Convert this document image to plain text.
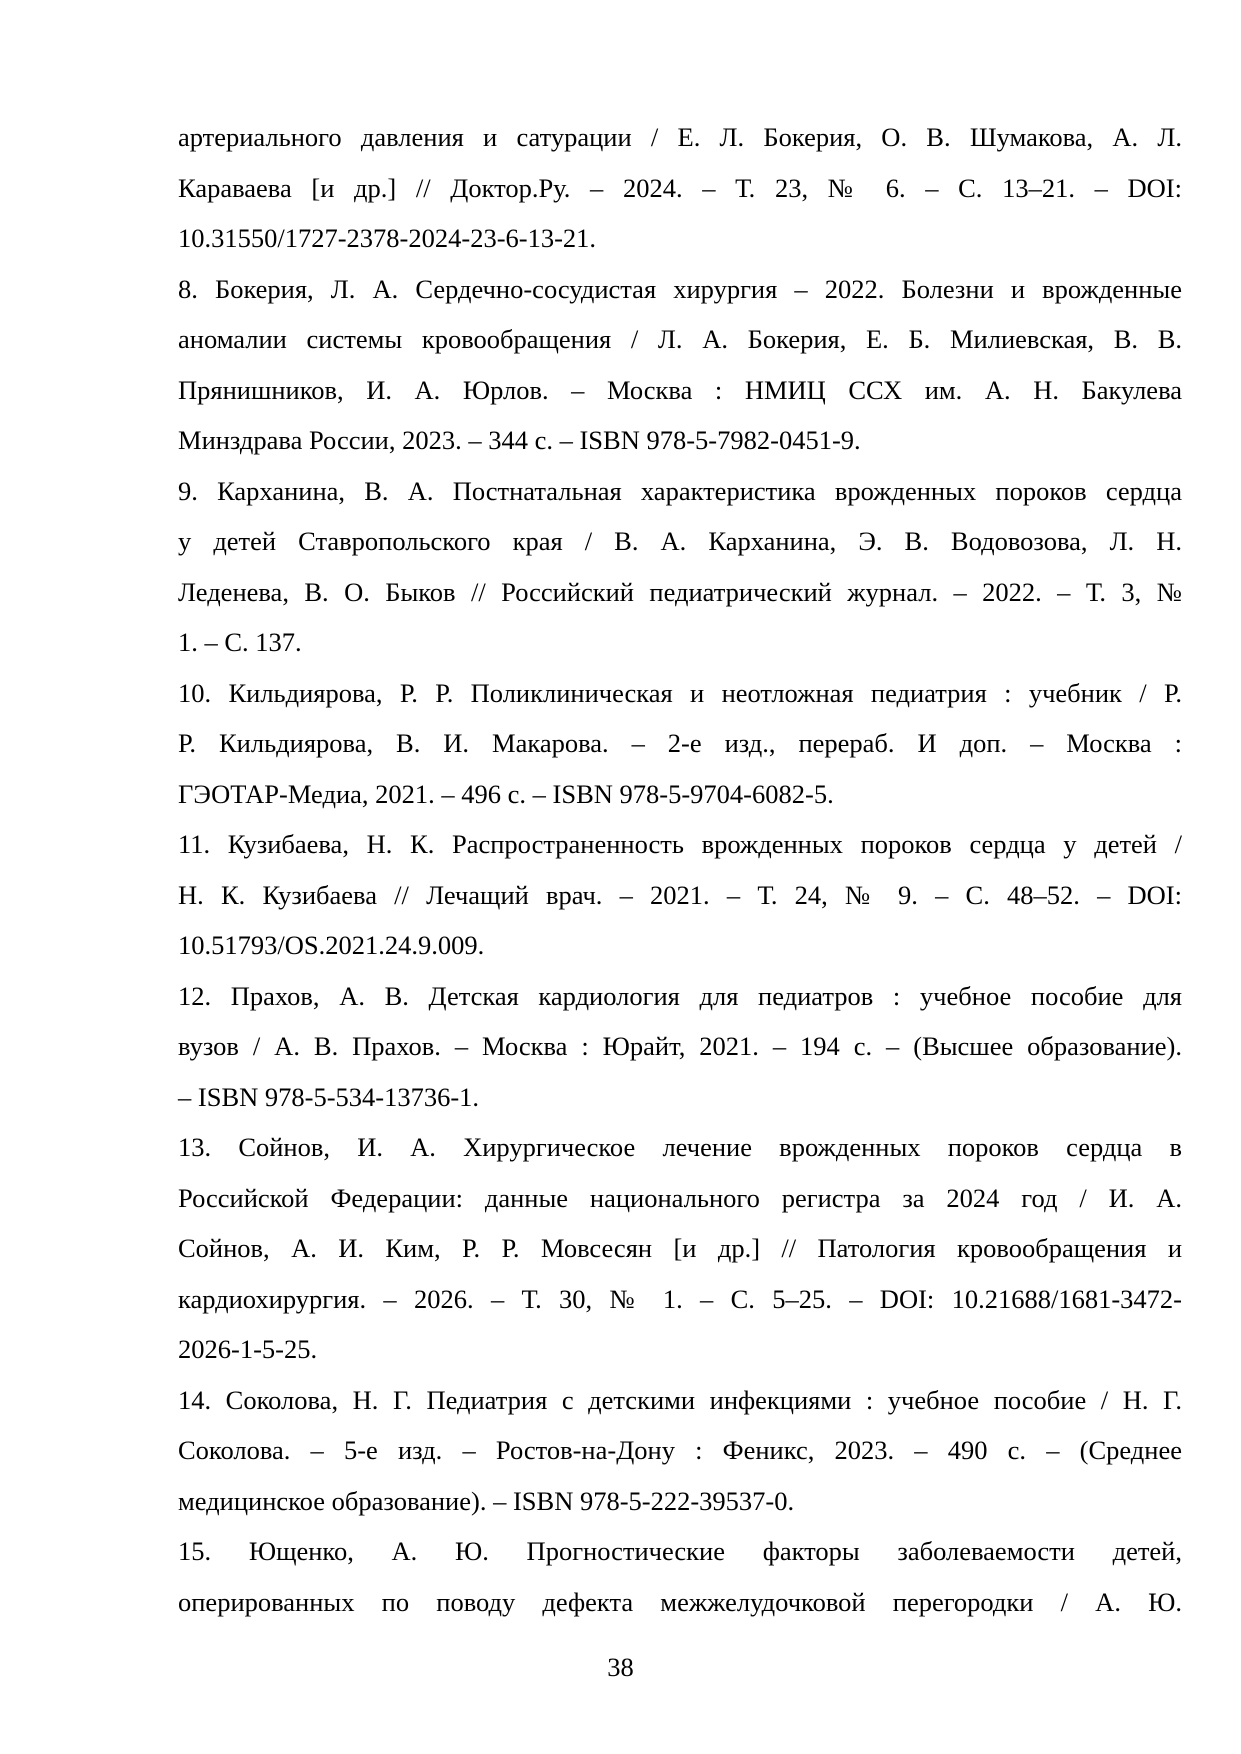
артериального давления и сатурации / Е. Л. Бокерия, О. В. Шумакова, А. Л.
Караваева [и др.] // Доктор.Ру. – 2024. – Т. 23, № 6. – С. 13–21. – DOI:
10.31550/1727-2378-2024-23-6-13-21.
8. Бокерия, Л. А. Сердечно-сосудистая хирургия – 2022. Болезни и врожденные
аномалии системы кровообращения / Л. А. Бокерия, Е. Б. Милиевская, В. В.
Прянишников, И. А. Юрлов. – Москва : НМИЦ ССХ им. А. Н. Бакулева
Минздрава России, 2023. – 344 с. – ISBN 978-5-7982-0451-9.
9. Карханина, В. А. Постнатальная характеристика врожденных пороков сердца
у детей Ставропольского края / В. А. Карханина, Э. В. Водовозова, Л. Н.
Леденева, В. О. Быков // Российский педиатрический журнал. – 2022. – Т. 3, №
1. – С. 137.
10. Кильдиярова, Р. Р. Поликлиническая и неотложная педиатрия : учебник / Р.
Р. Кильдиярова, В. И. Макарова. – 2-е изд., перераб. И доп. – Москва :
ГЭОТАР-Медиа, 2021. – 496 с. – ISBN 978-5-9704-6082-5.
11. Кузибаева, Н. К. Распространенность врожденных пороков сердца у детей /
Н. К. Кузибаева // Лечащий врач. – 2021. – Т. 24, № 9. – С. 48–52. – DOI:
10.51793/OS.2021.24.9.009.
12. Прахов, А. В. Детская кардиология для педиатров : учебное пособие для
вузов / А. В. Прахов. – Москва : Юрайт, 2021. – 194 с. – (Высшее образование).
– ISBN 978-5-534-13736-1.
13. Сойнов, И. А. Хирургическое лечение врожденных пороков сердца в
Российской Федерации: данные национального регистра за 2024 год / И. А.
Сойнов, А. И. Ким, Р. Р. Мовсесян [и др.] // Патология кровообращения и
кардиохирургия. – 2026. – Т. 30, № 1. – С. 5–25. – DOI: 10.21688/1681-3472-
2026-1-5-25.
14. Соколова, Н. Г. Педиатрия с детскими инфекциями : учебное пособие / Н. Г.
Соколова. – 5-е изд. – Ростов-на-Дону : Феникс, 2023. – 490 с. – (Среднее
медицинское образование). – ISBN 978-5-222-39537-0.
15. Ющенко, А. Ю. Прогностические факторы заболеваемости детей,
оперированных по поводу дефекта межжелудочковой перегородки / А. Ю.
38
